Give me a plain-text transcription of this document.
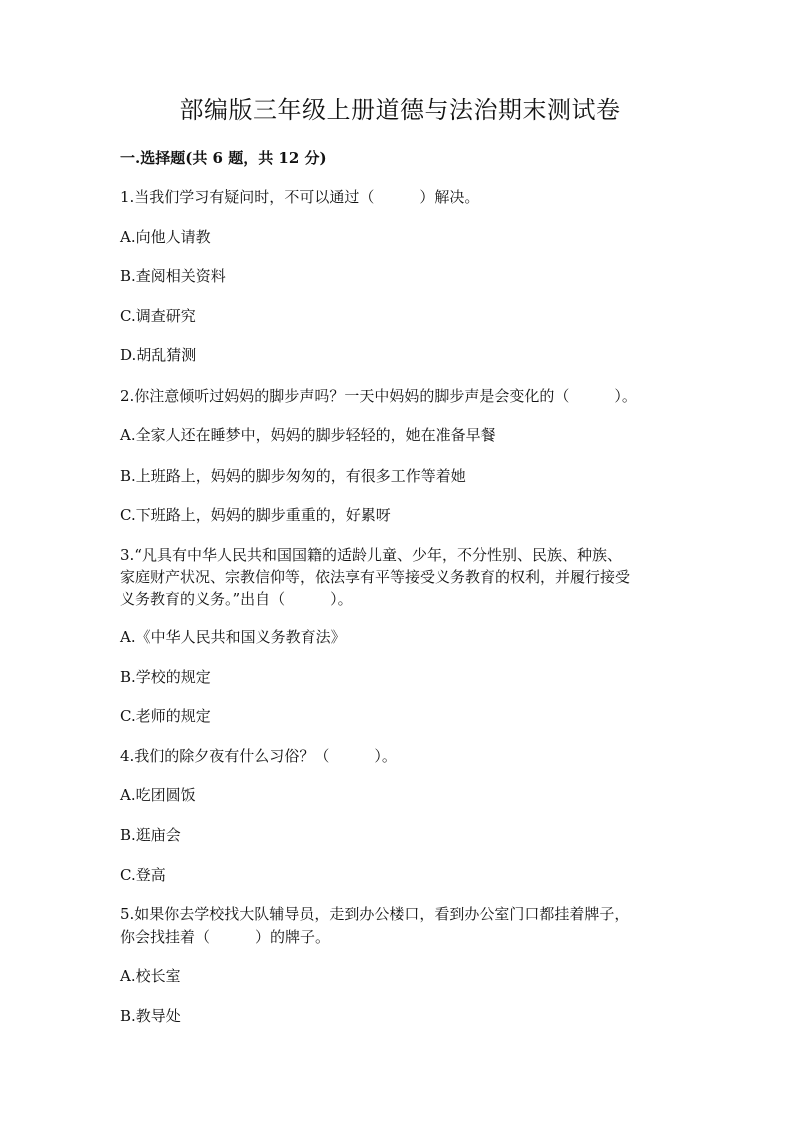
部编版三年级上册道德与法治期末测试卷
一.选择题(共 6 题，共 12 分)
1.当我们学习有疑问时，不可以通过（　　　）解决。
A.向他人请教
B.查阅相关资料
C.调查研究
D.胡乱猜测
2.你注意倾听过妈妈的脚步声吗？一天中妈妈的脚步声是会变化的（　　　）。
A.全家人还在睡梦中，妈妈的脚步轻轻的，她在准备早餐
B.上班路上，妈妈的脚步匆匆的，有很多工作等着她
C.下班路上，妈妈的脚步重重的，好累呀
3.“凡具有中华人民共和国国籍的适龄儿童、少年，不分性别、民族、种族、
家庭财产状况、宗教信仰等，依法享有平等接受义务教育的权利，并履行接受
义务教育的义务。”出自（　　　）。
A.《中华人民共和国义务教育法》
B.学校的规定
C.老师的规定
4.我们的除夕夜有什么习俗？（　　　）。
A.吃团圆饭
B.逛庙会
C.登高
5.如果你去学校找大队辅导员，走到办公楼口，看到办公室门口都挂着牌子，
你会找挂着（　　　）的牌子。
A.校长室
B.教导处
